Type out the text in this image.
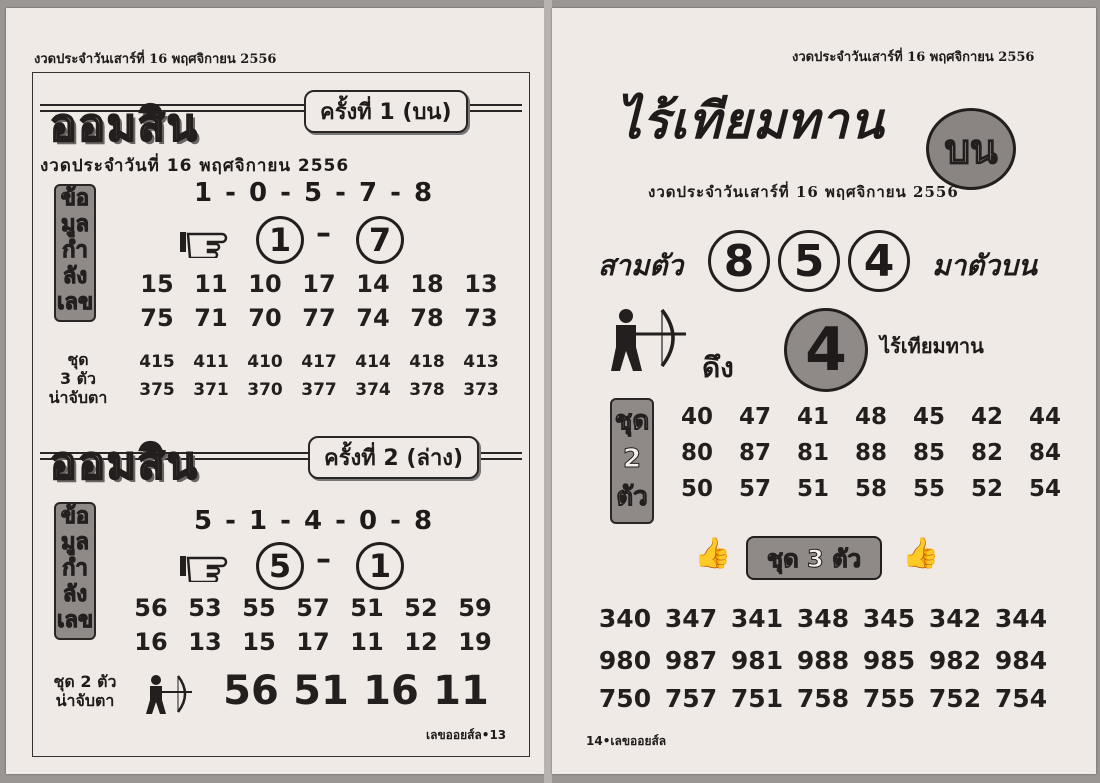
งวดประจำวันเสาร์ที่ 16 พฤศจิกายน 2556
ออมสิน	ครั้งที่ 1 (บน)
งวดประจำวันที่ 16 พฤศจิกายน 2556
ข้อ
มูล
กำ
ลัง
เลข
1 - 0 - 5 - 7 - 8
1 –	7
15 11 10 17 14 18 13
75 71 70 77 74 78 73
ชุด
3 ตัว
น่าจับตา
415	411	410	417	414	418	413
375	371	370	377	374	378	373
ออมสิน	ครั้งที่ 2 (ล่าง)
ข้อ
มูล
กำ
ลัง
เลข
5 - 1 - 4 - 0 - 8
5 –	1
56 53 55 57 51 52 59
16 13 15 17 11 12 19
ชุด 2 ตัว
น่าจับตา	56 51 16 11
เลขออยส์ล•13
งวดประจำวันเสาร์ที่ 16 พฤศจิกายน 2556
ไร้เทียมทาน	บน
งวดประจำวันเสาร์ที่ 16 พฤศจิกายน 2556
สามตัว 8 5 4	มาตัวบน
ดึง	4	ไร้เทียมทาน
ชุด
2
ตัว
40	47	41	48	45	42	44
80	87	81	88	85	82	84
50	57	51	58	55	52	54
👍	ชุด 3 ตัว	👍
340 347 341 348 345 342 344
980 987 981 988 985 982 984
750 757 751 758 755 752 754
14•เลขออยส์ล
